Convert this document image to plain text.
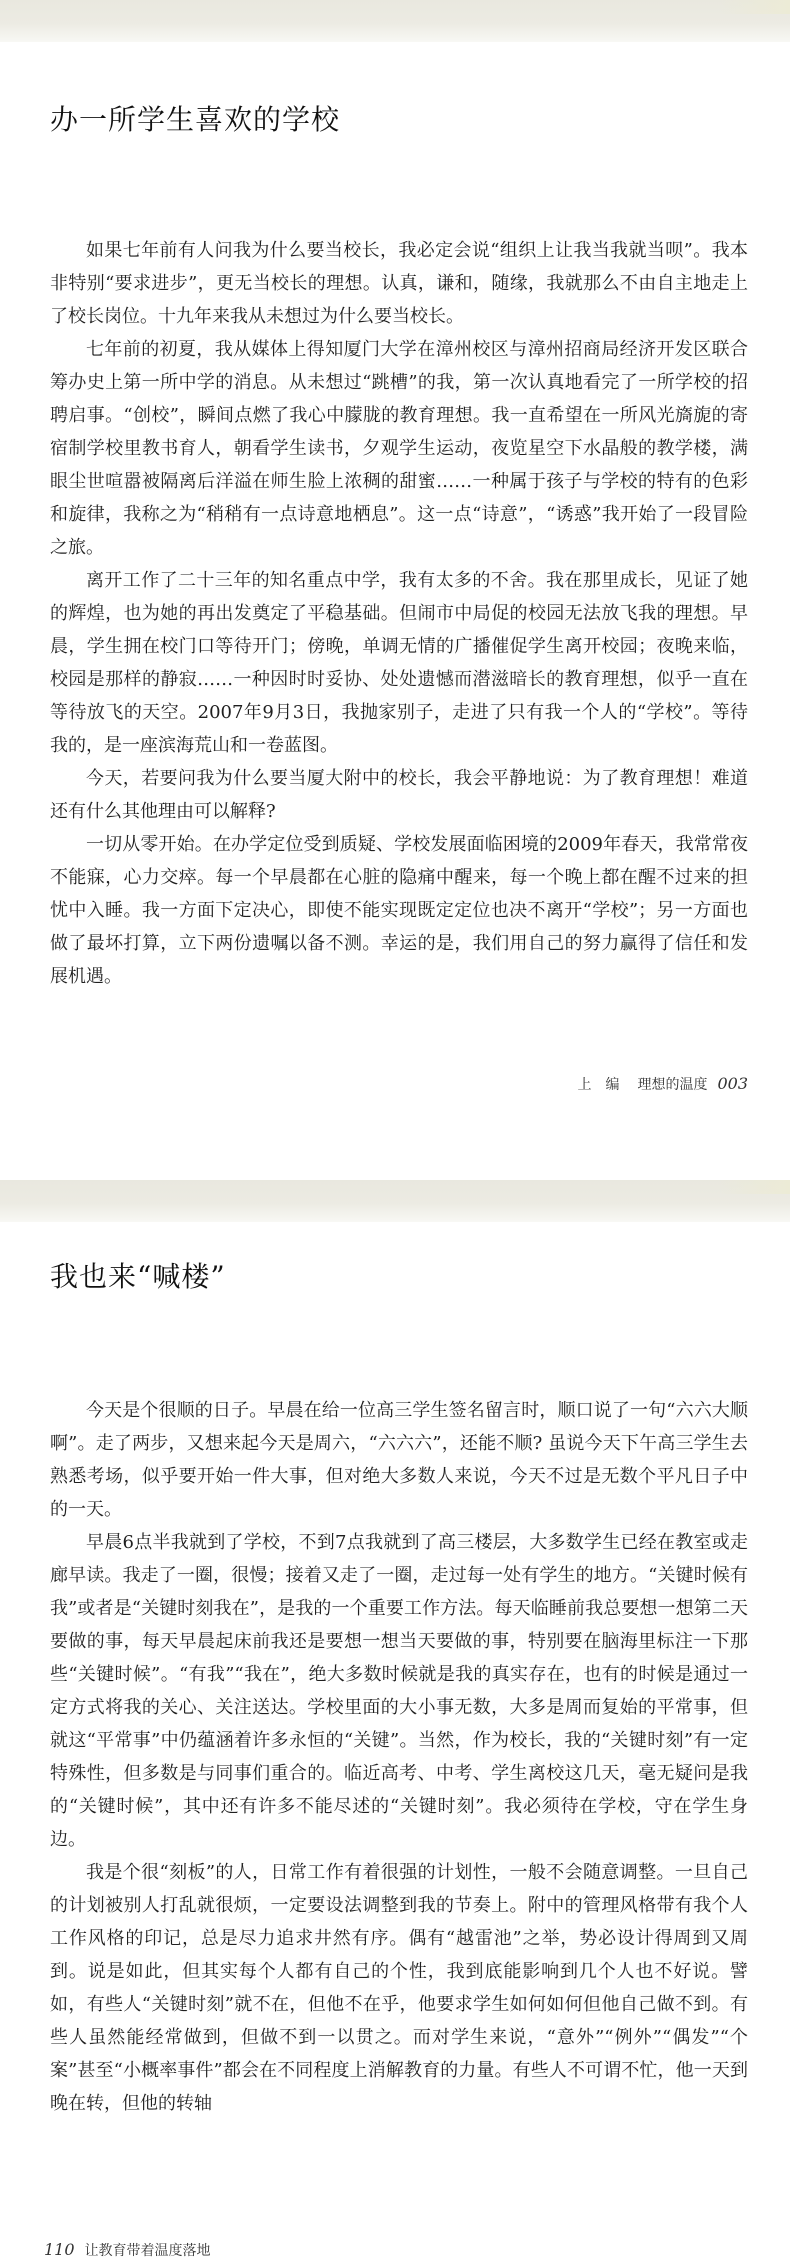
办一所学生喜欢的学校

如果七年前有人问我为什么要当校长，我必定会说“组织上让我当我就当呗”。我本非特别“要求进步”，更无当校长的理想。认真，谦和，随缘，我就那么不由自主地走上了校长岗位。十九年来我从未想过为什么要当校长。

七年前的初夏，我从媒体上得知厦门大学在漳州校区与漳州招商局经济开发区联合筹办史上第一所中学的消息。从未想过“跳槽”的我，第一次认真地看完了一所学校的招聘启事。“创校”，瞬间点燃了我心中朦胧的教育理想。我一直希望在一所风光旖旎的寄宿制学校里教书育人，朝看学生读书，夕观学生运动，夜览星空下水晶般的教学楼，满眼尘世喧嚣被隔离后洋溢在师生脸上浓稠的甜蜜……一种属于孩子与学校的特有的色彩和旋律，我称之为“稍稍有一点诗意地栖息”。这一点“诗意”，“诱惑”我开始了一段冒险之旅。

离开工作了二十三年的知名重点中学，我有太多的不舍。我在那里成长，见证了她的辉煌，也为她的再出发奠定了平稳基础。但闹市中局促的校园无法放飞我的理想。早晨，学生拥在校门口等待开门；傍晚，单调无情的广播催促学生离开校园；夜晚来临，校园是那样的静寂……一种因时时妥协、处处遗憾而潜滋暗长的教育理想，似乎一直在等待放飞的天空。2007年9月3日，我抛家别子，走进了只有我一个人的“学校”。等待我的，是一座滨海荒山和一卷蓝图。

今天，若要问我为什么要当厦大附中的校长，我会平静地说：为了教育理想！难道还有什么其他理由可以解释?

一切从零开始。在办学定位受到质疑、学校发展面临困境的2009年春天，我常常夜不能寐，心力交瘁。每一个早晨都在心脏的隐痛中醒来，每一个晚上都在醒不过来的担忧中入睡。我一方面下定决心，即使不能实现既定定位也决不离开“学校”；另一方面也做了最坏打算，立下两份遗嘱以备不测。幸运的是，我们用自己的努力赢得了信任和发展机遇。

上　编 理想的温度 003
我也来“喊楼”

今天是个很顺的日子。早晨在给一位高三学生签名留言时，顺口说了一句“六六大顺啊”。走了两步，又想来起今天是周六，“六六六”，还能不顺? 虽说今天下午高三学生去熟悉考场，似乎要开始一件大事，但对绝大多数人来说，今天不过是无数个平凡日子中的一天。

早晨6点半我就到了学校，不到7点我就到了高三楼层，大多数学生已经在教室或走廊早读。我走了一圈，很慢；接着又走了一圈，走过每一处有学生的地方。“关键时候有我”或者是“关键时刻我在”，是我的一个重要工作方法。每天临睡前我总要想一想第二天要做的事，每天早晨起床前我还是要想一想当天要做的事，特别要在脑海里标注一下那些“关键时候”。“有我”“我在”，绝大多数时候就是我的真实存在，也有的时候是通过一定方式将我的关心、关注送达。学校里面的大小事无数，大多是周而复始的平常事，但就这“平常事”中仍蕴涵着许多永恒的“关键”。当然，作为校长，我的“关键时刻”有一定特殊性，但多数是与同事们重合的。临近高考、中考、学生离校这几天，毫无疑问是我的“关键时候”，其中还有许多不能尽述的“关键时刻”。我必须待在学校，守在学生身边。

我是个很“刻板”的人，日常工作有着很强的计划性，一般不会随意调整。一旦自己的计划被别人打乱就很烦，一定要设法调整到我的节奏上。附中的管理风格带有我个人工作风格的印记，总是尽力追求井然有序。偶有“越雷池”之举，势必设计得周到又周到。说是如此，但其实每个人都有自己的个性，我到底能影响到几个人也不好说。譬如，有些人“关键时刻”就不在，但他不在乎，他要求学生如何如何但他自己做不到。有些人虽然能经常做到，但做不到一以贯之。而对学生来说，“意外”“例外”“偶发”“个案”甚至“小概率事件”都会在不同程度上消解教育的力量。有些人不可谓不忙，他一天到晚在转，但他的转轴

110 让教育带着温度落地
